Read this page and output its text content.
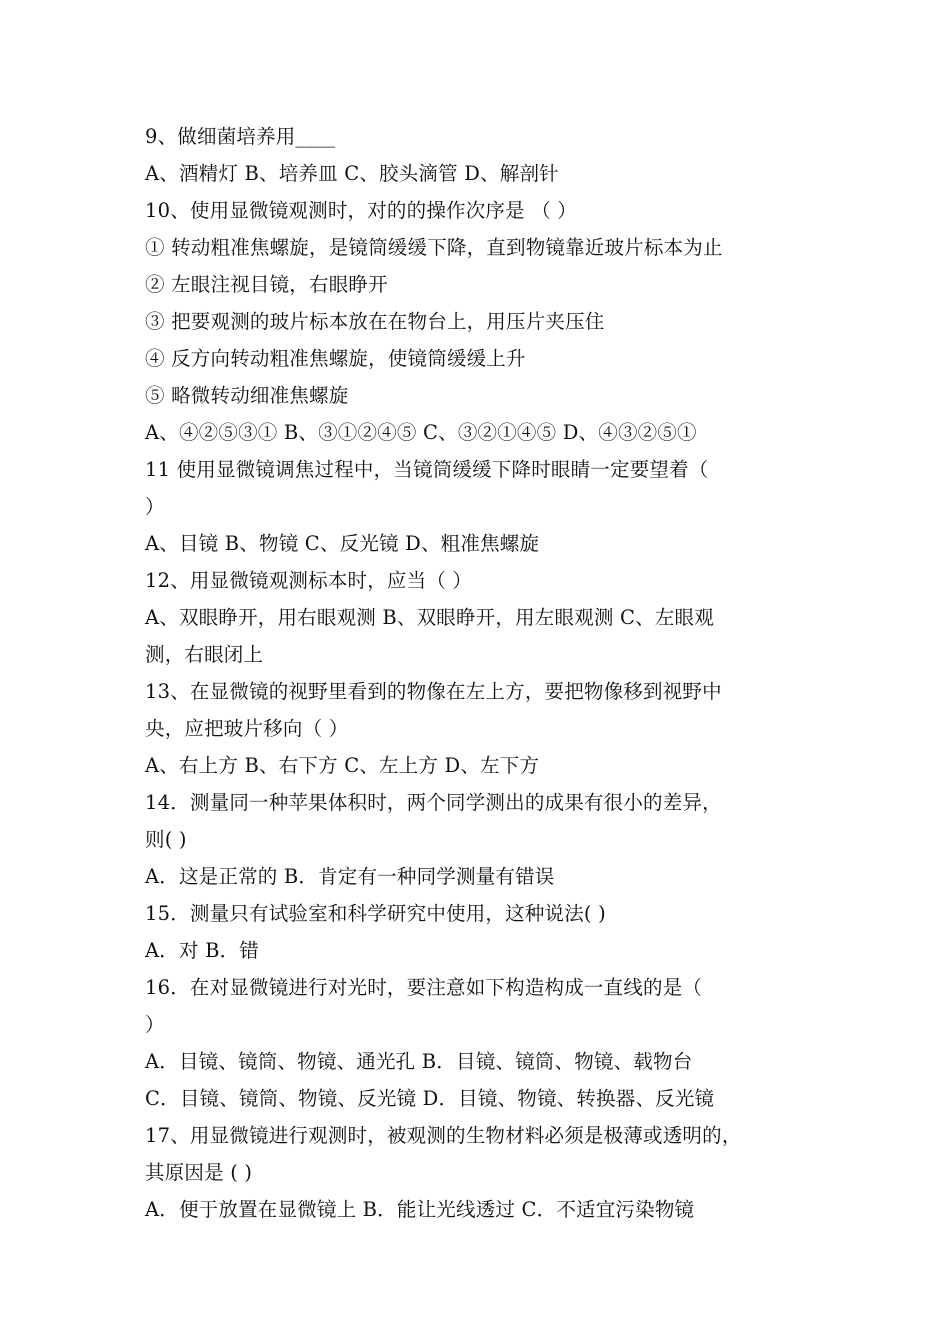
9、做细菌培养用____
A、酒精灯 B、培养皿 C、胶头滴管 D、解剖针
10、使用显微镜观测时，对的的操作次序是 （ ）
① 转动粗准焦螺旋，是镜筒缓缓下降，直到物镜靠近玻片标本为止
② 左眼注视目镜，右眼睁开
③ 把要观测的玻片标本放在在物台上，用压片夹压住
④ 反方向转动粗准焦螺旋，使镜筒缓缓上升
⑤ 略微转动细准焦螺旋
A、④②⑤③① B、③①②④⑤ C、③②①④⑤ D、④③②⑤①
11 使用显微镜调焦过程中，当镜筒缓缓下降时眼睛一定要望着（
）
A、目镜 B、物镜 C、反光镜 D、粗准焦螺旋
12、用显微镜观测标本时，应当（ ）
A、双眼睁开，用右眼观测 B、双眼睁开，用左眼观测 C、左眼观
测，右眼闭上
13、在显微镜的视野里看到的物像在左上方，要把物像移到视野中
央，应把玻片移向（ ）
A、右上方 B、右下方 C、左上方 D、左下方
14．测量同一种苹果体积时，两个同学测出的成果有很小的差异，
则( )
A．这是正常的 B．肯定有一种同学测量有错误
15．测量只有试验室和科学研究中使用，这种说法( )
A．对 B．错
16．在对显微镜进行对光时，要注意如下构造构成一直线的是（
）
A．目镜、镜筒、物镜、通光孔 B．目镜、镜筒、物镜、载物台
C．目镜、镜筒、物镜、反光镜 D．目镜、物镜、转换器、反光镜
17、用显微镜进行观测时，被观测的生物材料必须是极薄或透明的，
其原因是 ( )
A．便于放置在显微镜上 B．能让光线透过 C．不适宜污染物镜
